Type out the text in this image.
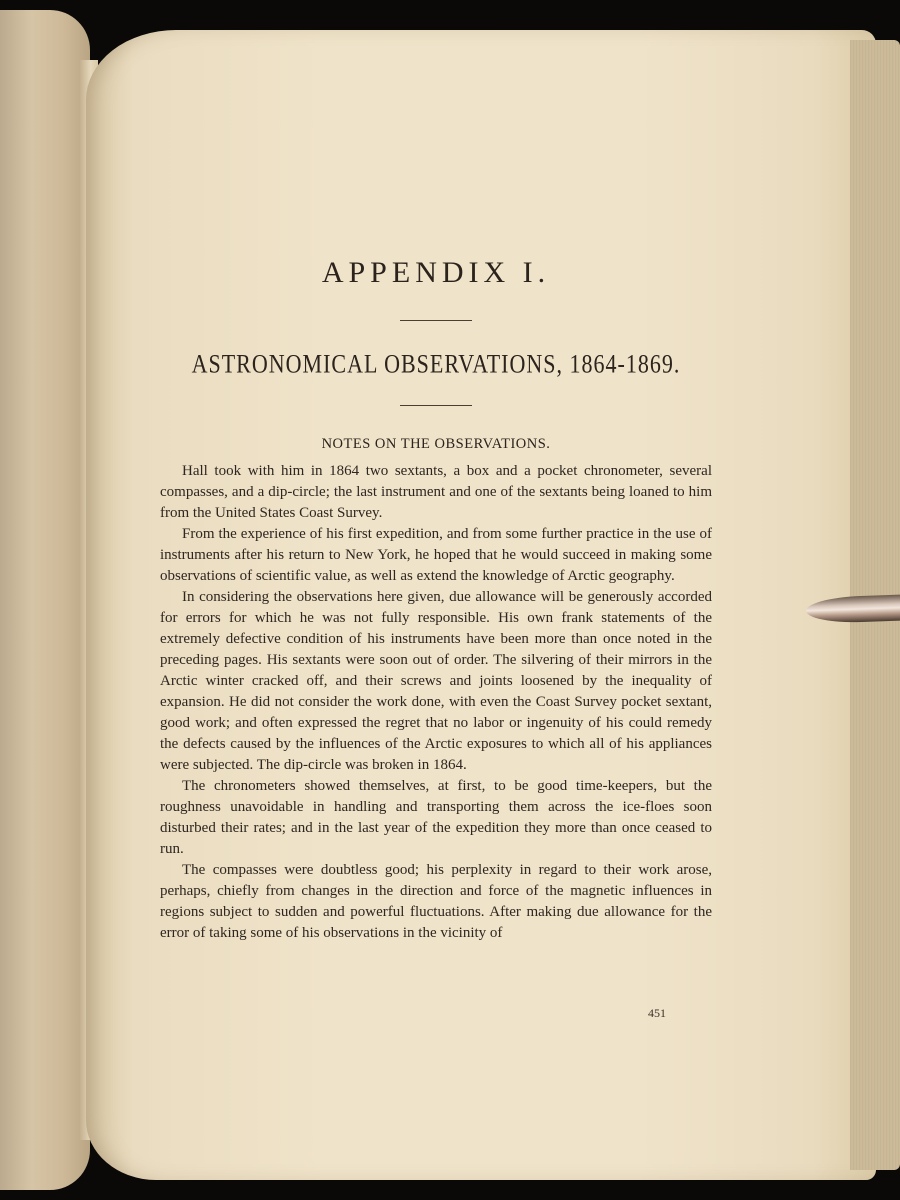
APPENDIX I.
ASTRONOMICAL OBSERVATIONS, 1864-1869.
NOTES ON THE OBSERVATIONS.

Hall took with him in 1864 two sextants, a box and a pocket chronometer, several compasses, and a dip-circle; the last instrument and one of the sextants being loaned to him from the United States Coast Survey.

From the experience of his first expedition, and from some further practice in the use of instruments after his return to New York, he hoped that he would succeed in making some observations of scientific value, as well as extend the knowledge of Arctic geography.

In considering the observations here given, due allowance will be generously accorded for errors for which he was not fully responsible. His own frank statements of the extremely defective condition of his instruments have been more than once noted in the preceding pages. His sextants were soon out of order. The silvering of their mirrors in the Arctic winter cracked off, and their screws and joints loosened by the inequality of expansion. He did not consider the work done, with even the Coast Survey pocket sextant, good work; and often expressed the regret that no labor or ingenuity of his could remedy the defects caused by the influences of the Arctic exposures to which all of his appliances were subjected. The dip-circle was broken in 1864.

The chronometers showed themselves, at first, to be good time-keepers, but the roughness unavoidable in handling and transporting them across the ice-floes soon disturbed their rates; and in the last year of the expedition they more than once ceased to run.

The compasses were doubtless good; his perplexity in regard to their work arose, perhaps, chiefly from changes in the direction and force of the magnetic influences in regions subject to sudden and powerful fluctuations. After making due allowance for the error of taking some of his observations in the vicinity of

451
